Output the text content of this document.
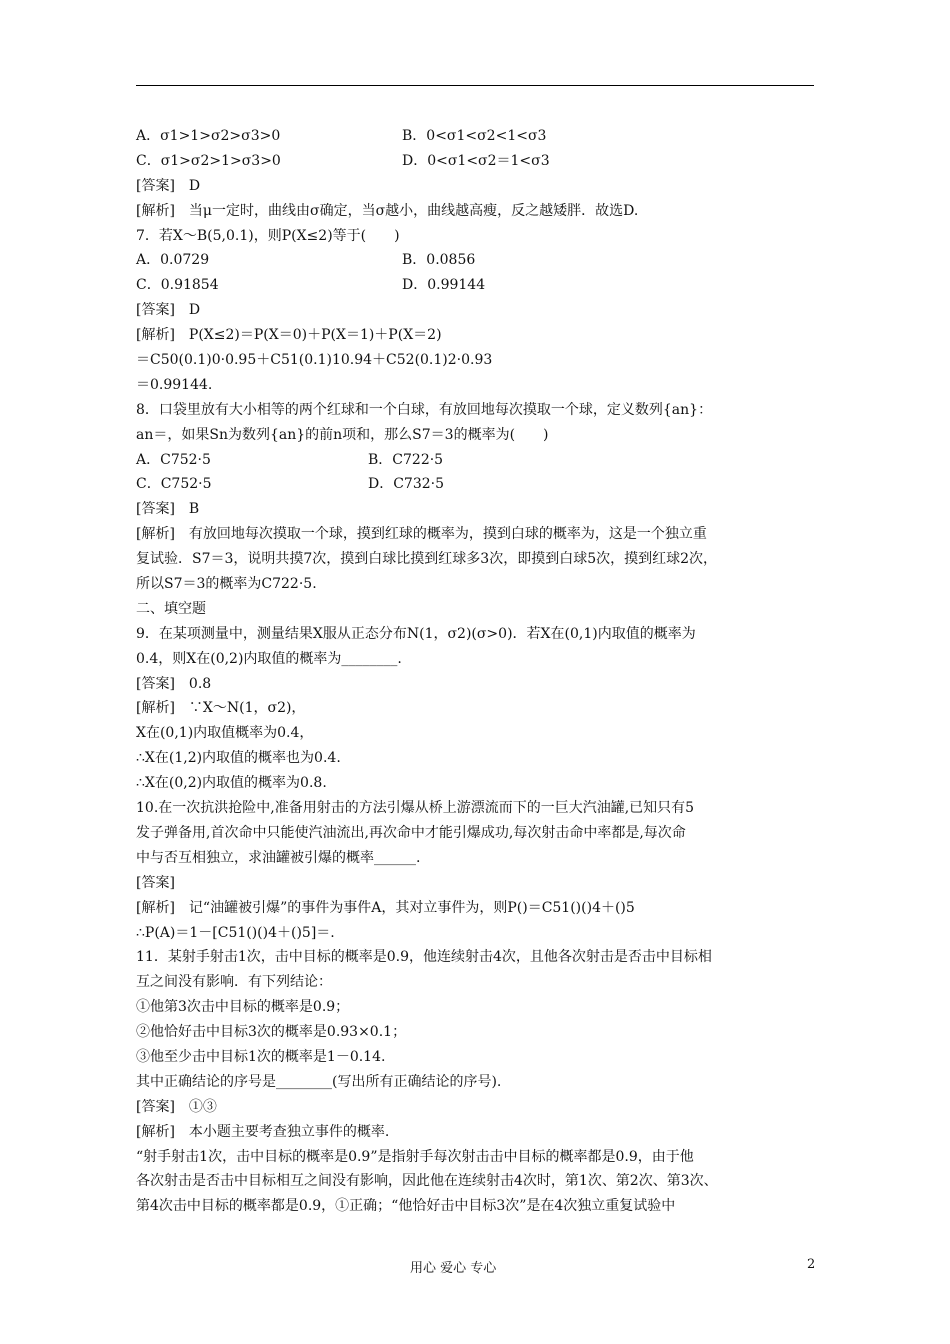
A．σ1>1>σ2>σ3>0	B．0<σ1<σ2<1<σ3
C．σ1>σ2>1>σ3>0	D．0<σ1<σ2＝1<σ3
[答案]　D
[解析]　当μ一定时，曲线由σ确定，当σ越小，曲线越高瘦，反之越矮胖．故选D.
7．若X～B(5,0.1)，则P(X≤2)等于(　　)
A．0.0729	B．0.0856
C．0.91854	D．0.99144
[答案]　D
[解析]　P(X≤2)＝P(X＝0)＋P(X＝1)＋P(X＝2)
＝C50(0.1)0·0.95＋C51(0.1)10.94＋C52(0.1)2·0.93
＝0.99144.
8．口袋里放有大小相等的两个红球和一个白球，有放回地每次摸取一个球，定义数列{an}：
an＝，如果Sn为数列{an}的前n项和，那么S7＝3的概率为(　　)
A．C752·5	B．C722·5
C．C752·5	D．C732·5
[答案]　B
[解析]　有放回地每次摸取一个球，摸到红球的概率为，摸到白球的概率为，这是一个独立重
复试验．S7＝3，说明共摸7次，摸到白球比摸到红球多3次，即摸到白球5次，摸到红球2次，
所以S7＝3的概率为C722·5.
二、填空题
9．在某项测量中，测量结果X服从正态分布N(1，σ2)(σ>0)．若X在(0,1)内取值的概率为
0.4，则X在(0,2)内取值的概率为________.
[答案]　0.8
[解析]　∵X～N(1，σ2)，
X在(0,1)内取值概率为0.4，
∴X在(1,2)内取值的概率也为0.4.
∴X在(0,2)内取值的概率为0.8.
10.在一次抗洪抢险中,准备用射击的方法引爆从桥上游漂流而下的一巨大汽油罐,已知只有5
发子弹备用,首次命中只能使汽油流出,再次命中才能引爆成功,每次射击命中率都是,每次命
中与否互相独立，求油罐被引爆的概率______.
[答案]
[解析]　记“油罐被引爆”的事件为事件A，其对立事件为，则P()＝C51()()4＋()5
∴P(A)＝1－[C51()()4＋()5]＝.
11．某射手射击1次，击中目标的概率是0.9，他连续射击4次，且他各次射击是否击中目标相
互之间没有影响．有下列结论：
①他第3次击中目标的概率是0.9；
②他恰好击中目标3次的概率是0.93×0.1；
③他至少击中目标1次的概率是1－0.14.
其中正确结论的序号是________(写出所有正确结论的序号).
[答案]　①③
[解析]　本小题主要考查独立事件的概率.
“射手射击1次，击中目标的概率是0.9”是指射手每次射击击中目标的概率都是0.9，由于他
各次射击是否击中目标相互之间没有影响，因此他在连续射击4次时，第1次、第2次、第3次、
第4次击中目标的概率都是0.9，①正确；“他恰好击中目标3次”是在4次独立重复试验中
用心 爱心 专心	2
